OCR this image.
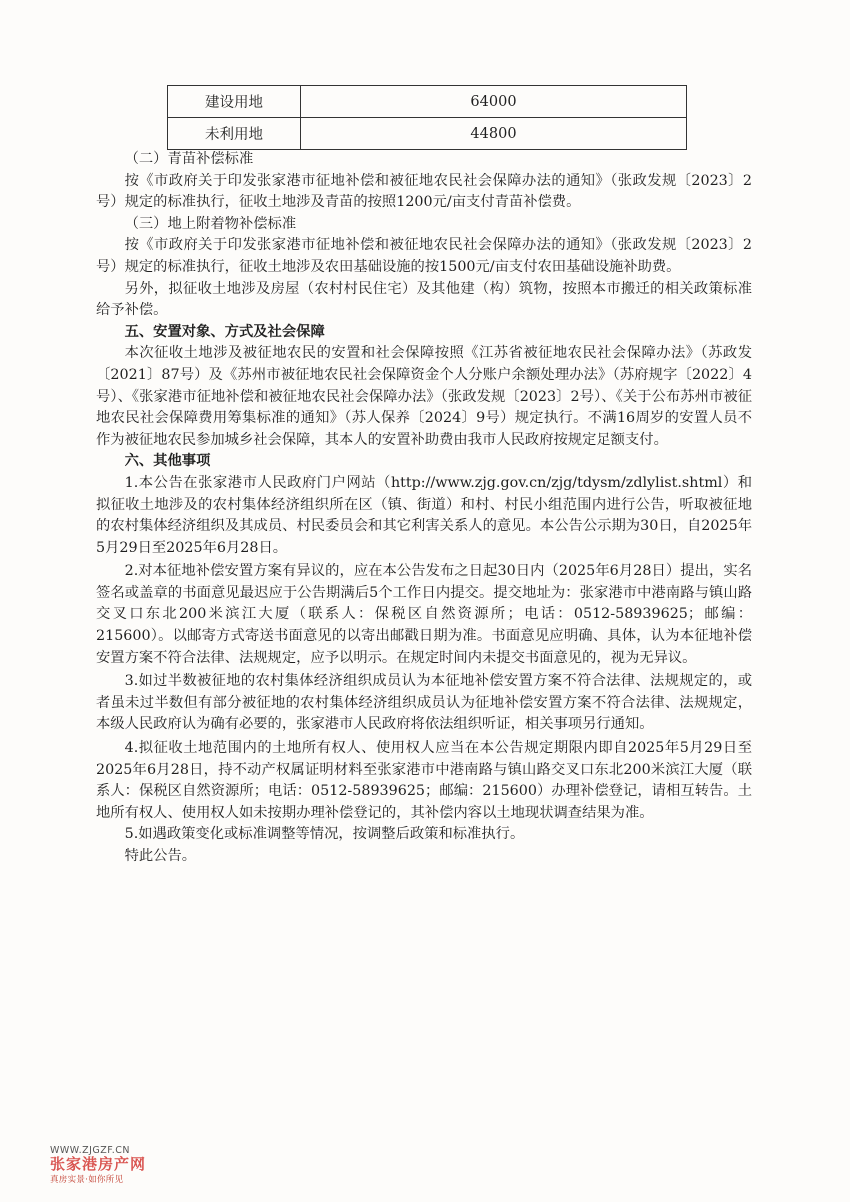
建设用地	64000
未利用地	44800

（二）青苗补偿标准

按《市政府关于印发张家港市征地补偿和被征地农民社会保障办法的通知》（张政发规〔2023〕2号）规定的标准执行，征收土地涉及青苗的按照1200元/亩支付青苗补偿费。

（三）地上附着物补偿标准

按《市政府关于印发张家港市征地补偿和被征地农民社会保障办法的通知》（张政发规〔2023〕2号）规定的标准执行，征收土地涉及农田基础设施的按1500元/亩支付农田基础设施补助费。

另外，拟征收土地涉及房屋（农村村民住宅）及其他建（构）筑物，按照本市搬迁的相关政策标准给予补偿。

五、安置对象、方式及社会保障

本次征收土地涉及被征地农民的安置和社会保障按照《江苏省被征地农民社会保障办法》（苏政发〔2021〕87号）及《苏州市被征地农民社会保障资金个人分账户余额处理办法》（苏府规字〔2022〕4号）、《张家港市征地补偿和被征地农民社会保障办法》（张政发规〔2023〕2号）、《关于公布苏州市被征地农民社会保障费用筹集标准的通知》（苏人保养〔2024〕9号）规定执行。不满16周岁的安置人员不作为被征地农民参加城乡社会保障，其本人的安置补助费由我市人民政府按规定足额支付。

六、其他事项

1.本公告在张家港市人民政府门户网站（http://www.zjg.gov.cn/zjg/tdysm/zdlylist.shtml）和拟征收土地涉及的农村集体经济组织所在区（镇、街道）和村、村民小组范围内进行公告，听取被征地的农村集体经济组织及其成员、村民委员会和其它利害关系人的意见。本公告公示期为30日，自2025年5月29日至2025年6月28日。

2.对本征地补偿安置方案有异议的，应在本公告发布之日起30日内（2025年6月28日）提出，实名签名或盖章的书面意见最迟应于公告期满后5个工作日内提交。提交地址为：张家港市中港南路与镇山路交叉口东北200米滨江大厦（联系人：保税区自然资源所；电话：0512-58939625；邮编：215600）。以邮寄方式寄送书面意见的以寄出邮戳日期为准。书面意见应明确、具体，认为本征地补偿安置方案不符合法律、法规规定，应予以明示。在规定时间内未提交书面意见的，视为无异议。

3.如过半数被征地的农村集体经济组织成员认为本征地补偿安置方案不符合法律、法规规定的，或者虽未过半数但有部分被征地的农村集体经济组织成员认为征地补偿安置方案不符合法律、法规规定，本级人民政府认为确有必要的，张家港市人民政府将依法组织听证，相关事项另行通知。

4.拟征收土地范围内的土地所有权人、使用权人应当在本公告规定期限内即自2025年5月29日至2025年6月28日，持不动产权属证明材料至张家港市中港南路与镇山路交叉口东北200米滨江大厦（联系人：保税区自然资源所；电话：0512-58939625；邮编：215600）办理补偿登记，请相互转告。土地所有权人、使用权人如未按期办理补偿登记的，其补偿内容以土地现状调查结果为准。

5.如遇政策变化或标准调整等情况，按调整后政策和标准执行。

特此公告。

WWW.ZJGZF.CN
张家港房产网
真房实景·如你所见
